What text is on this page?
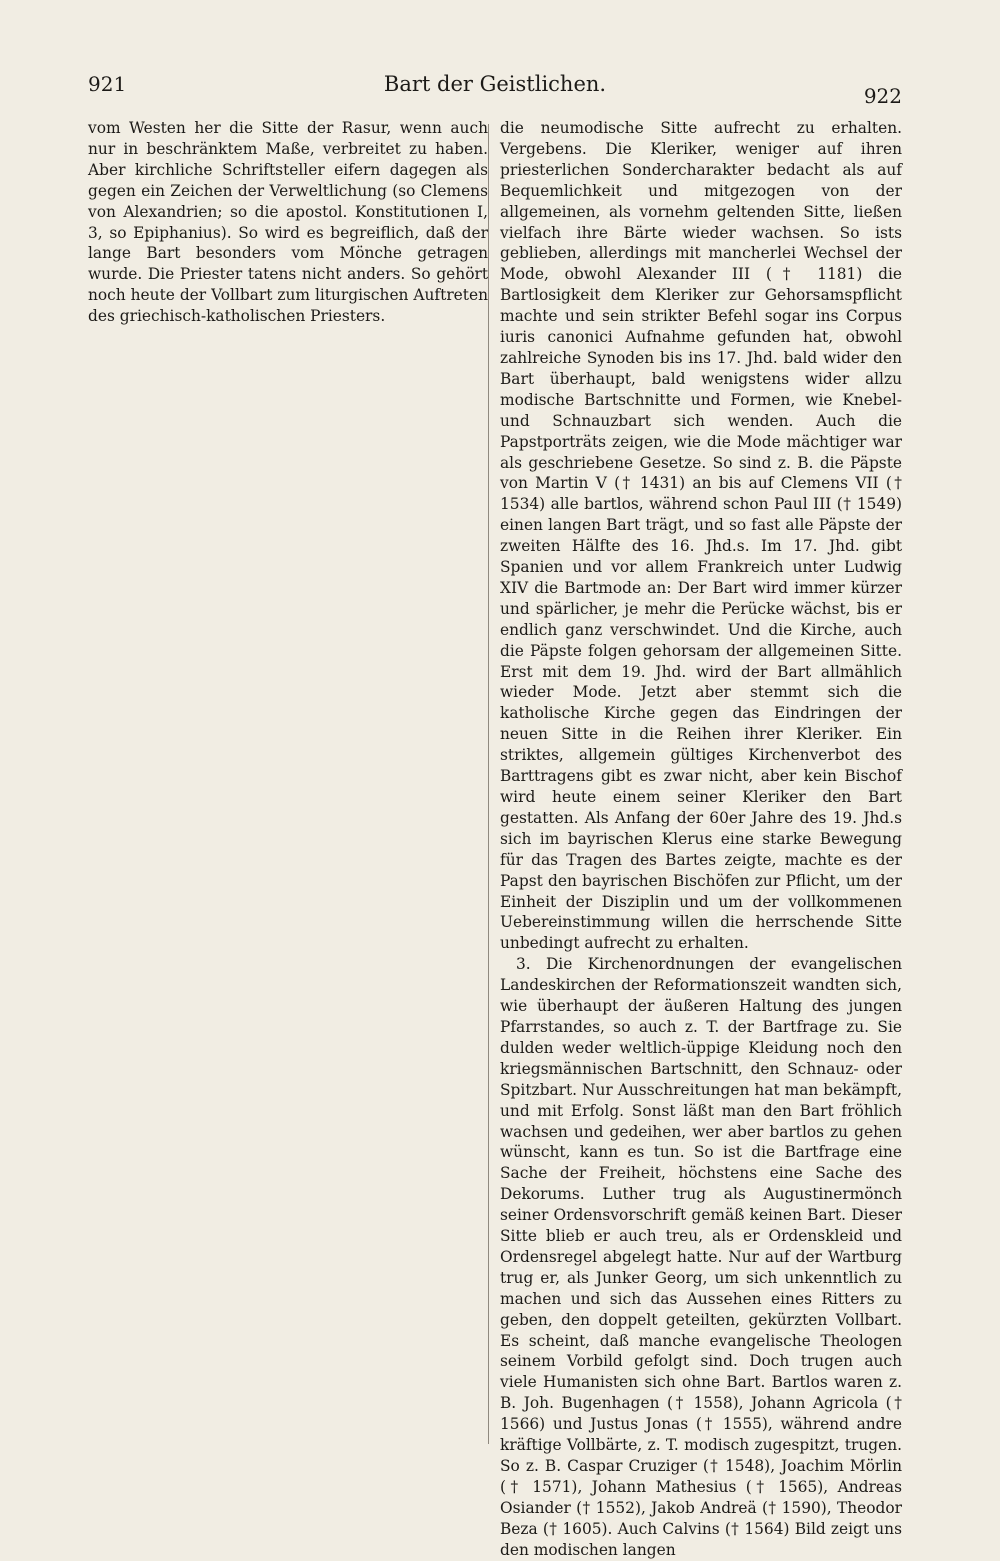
921	Bart der Geistlichen.	922

vom Westen her die Sitte der Rasur, wenn auch nur in beschränktem Maße, verbreitet zu haben. Aber kirchliche Schriftsteller eifern dagegen als gegen ein Zeichen der Verweltlichung (so Clemens von Alexandrien; so die apostol. Konstitutionen I, 3, so Epiphanius). So wird es begreiflich, daß der lange Bart besonders vom Mönche getragen wurde. Die Priester tatens nicht anders. So gehört noch heute der Vollbart zum liturgischen Auftreten des griechisch-katholischen Priesters.

die neumodische Sitte aufrecht zu erhalten. Vergebens. Die Kleriker, weniger auf ihren priesterlichen Sondercharakter bedacht als auf Bequemlichkeit und mitgezogen von der allgemeinen, als vornehm geltenden Sitte, ließen vielfach ihre Bärte wieder wachsen. So ists geblieben, allerdings mit mancherlei Wechsel der Mode, obwohl Alexander III († 1181) die Bartlosigkeit dem Kleriker zur Gehorsamspflicht machte und sein strikter Befehl sogar ins Corpus iuris canonici Aufnahme gefunden hat, obwohl zahlreiche Synoden bis ins 17. Jhd. bald wider den Bart überhaupt, bald wenigstens wider allzu modische Bartschnitte und Formen, wie Knebel- und Schnauzbart sich wenden. Auch die Papstporträts zeigen, wie die Mode mächtiger war als geschriebene Gesetze. So sind z. B. die Päpste von Martin V († 1431) an bis auf Clemens VII († 1534) alle bartlos, während schon Paul III († 1549) einen langen Bart trägt, und so fast alle Päpste der zweiten Hälfte des 16. Jhd.s. Im 17. Jhd. gibt Spanien und vor allem Frankreich unter Ludwig XIV die Bartmode an: Der Bart wird immer kürzer und spärlicher, je mehr die Perücke wächst, bis er endlich ganz verschwindet. Und die Kirche, auch die Päpste folgen gehorsam der allgemeinen Sitte. Erst mit dem 19. Jhd. wird der Bart allmählich wieder Mode. Jetzt aber stemmt sich die katholische Kirche gegen das Eindringen der neuen Sitte in die Reihen ihrer Kleriker. Ein striktes, allgemein gültiges Kirchenverbot des Barttragens gibt es zwar nicht, aber kein Bischof wird heute einem seiner Kleriker den Bart gestatten. Als Anfang der 60er Jahre des 19. Jhd.s sich im bayrischen Klerus eine starke Bewegung für das Tragen des Bartes zeigte, machte es der Papst den bayrischen Bischöfen zur Pflicht, um der Einheit der Disziplin und um der vollkommenen Uebereinstimmung willen die herrschende Sitte unbedingt aufrecht zu erhalten.

3. Die Kirchenordnungen der evangelischen Landeskirchen der Reformationszeit wandten sich, wie überhaupt der äußeren Haltung des jungen Pfarrstandes, so auch z. T. der Bartfrage zu. Sie dulden weder weltlich-üppige Kleidung noch den kriegsmännischen Bartschnitt, den Schnauz- oder Spitzbart. Nur Ausschreitungen hat man bekämpft, und mit Erfolg. Sonst läßt man den Bart fröhlich wachsen und gedeihen, wer aber bartlos zu gehen wünscht, kann es tun. So ist die Bartfrage eine Sache der Freiheit, höchstens eine Sache des Dekorums. Luther trug als Augustinermönch seiner Ordensvorschrift gemäß keinen Bart. Dieser Sitte blieb er auch treu, als er Ordenskleid und Ordensregel abgelegt hatte. Nur auf der Wartburg trug er, als Junker Georg, um sich unkenntlich zu machen und sich das Aussehen eines Ritters zu geben, den doppelt geteilten, gekürzten Vollbart. Es scheint, daß manche evangelische Theologen seinem Vorbild gefolgt sind. Doch trugen auch viele Humanisten sich ohne Bart. Bartlos waren z. B. Joh. Bugenhagen († 1558), Johann Agricola († 1566) und Justus Jonas († 1555), während andre kräftige Vollbärte, z. T. modisch zugespitzt, trugen. So z. B. Caspar Cruziger († 1548), Joachim Mörlin († 1571), Johann Mathesius († 1565), Andreas Osiander († 1552), Jakob Andreä († 1590), Theodor Beza († 1605). Auch Calvins († 1564) Bild zeigt uns den modischen langen
